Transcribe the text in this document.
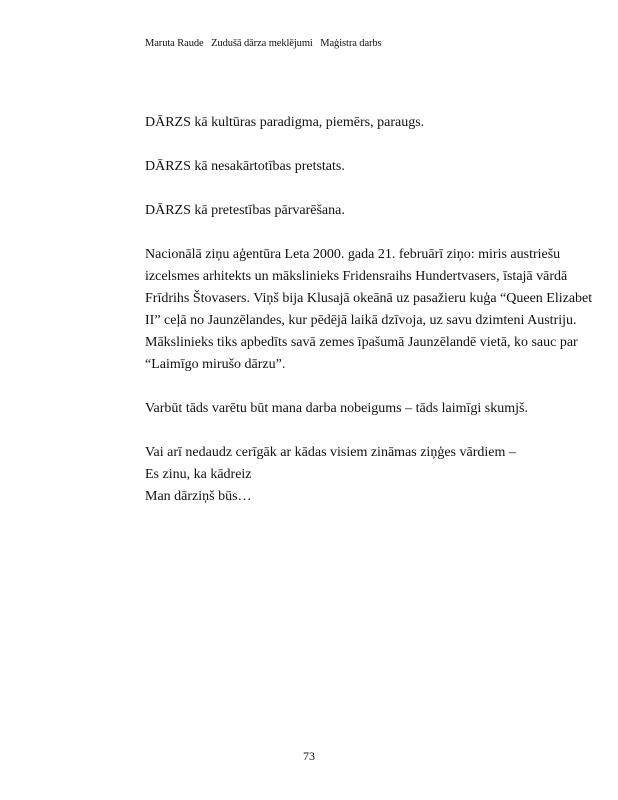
Maruta Raude Zudušā dārza meklējumi Maģistra darbs

DĀRZS kā kultūras paradigma, piemērs, paraugs.

DĀRZS kā nesakārtotības pretstats.

DĀRZS kā pretestības pārvarēšana.

Nacionālā ziņu aģentūra Leta 2000. gada 21. februārī ziņo: miris austriešu

izcelsmes arhitekts un mākslinieks Fridensraihs Hundertvasers, īstajā vārdā

Frīdrihs Štovasers. Viņš bija Klusajā okeānā uz pasažieru kuģa “Queen Elizabet

II” ceļā no Jaunzēlandes, kur pēdējā laikā dzīvoja, uz savu dzimteni Austriju.

Mākslinieks tiks apbedīts savā zemes īpašumā Jaunzēlandē vietā, ko sauc par

“Laimīgo mirušo dārzu”.

Varbūt tāds varētu būt mana darba nobeigums – tāds laimīgi skumjš.

Vai arī nedaudz cerīgāk ar kādas visiem zināmas ziņģes vārdiem –

Es zinu, ka kādreiz

Man dārziņš būs…

73
